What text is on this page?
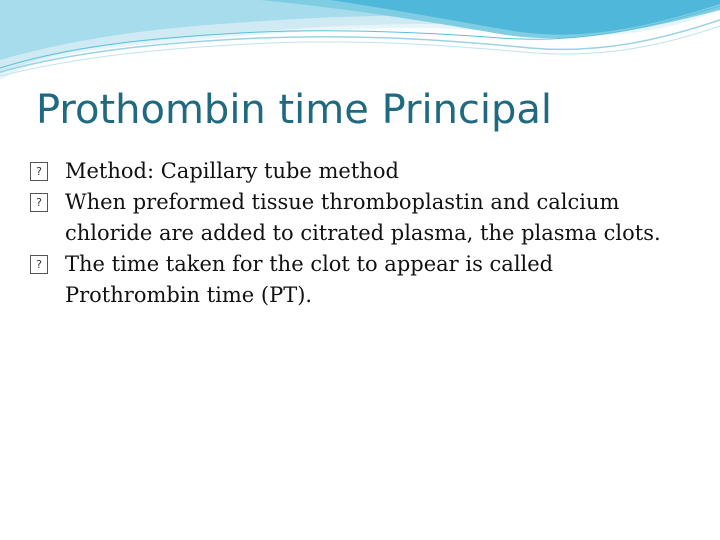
Prothombin time Principal
? Method: Capillary tube method
? When preformed tissue thromboplastin and calcium chloride are added to citrated plasma, the plasma clots.
? The time taken for the clot to appear is called Prothrombin time (PT).
